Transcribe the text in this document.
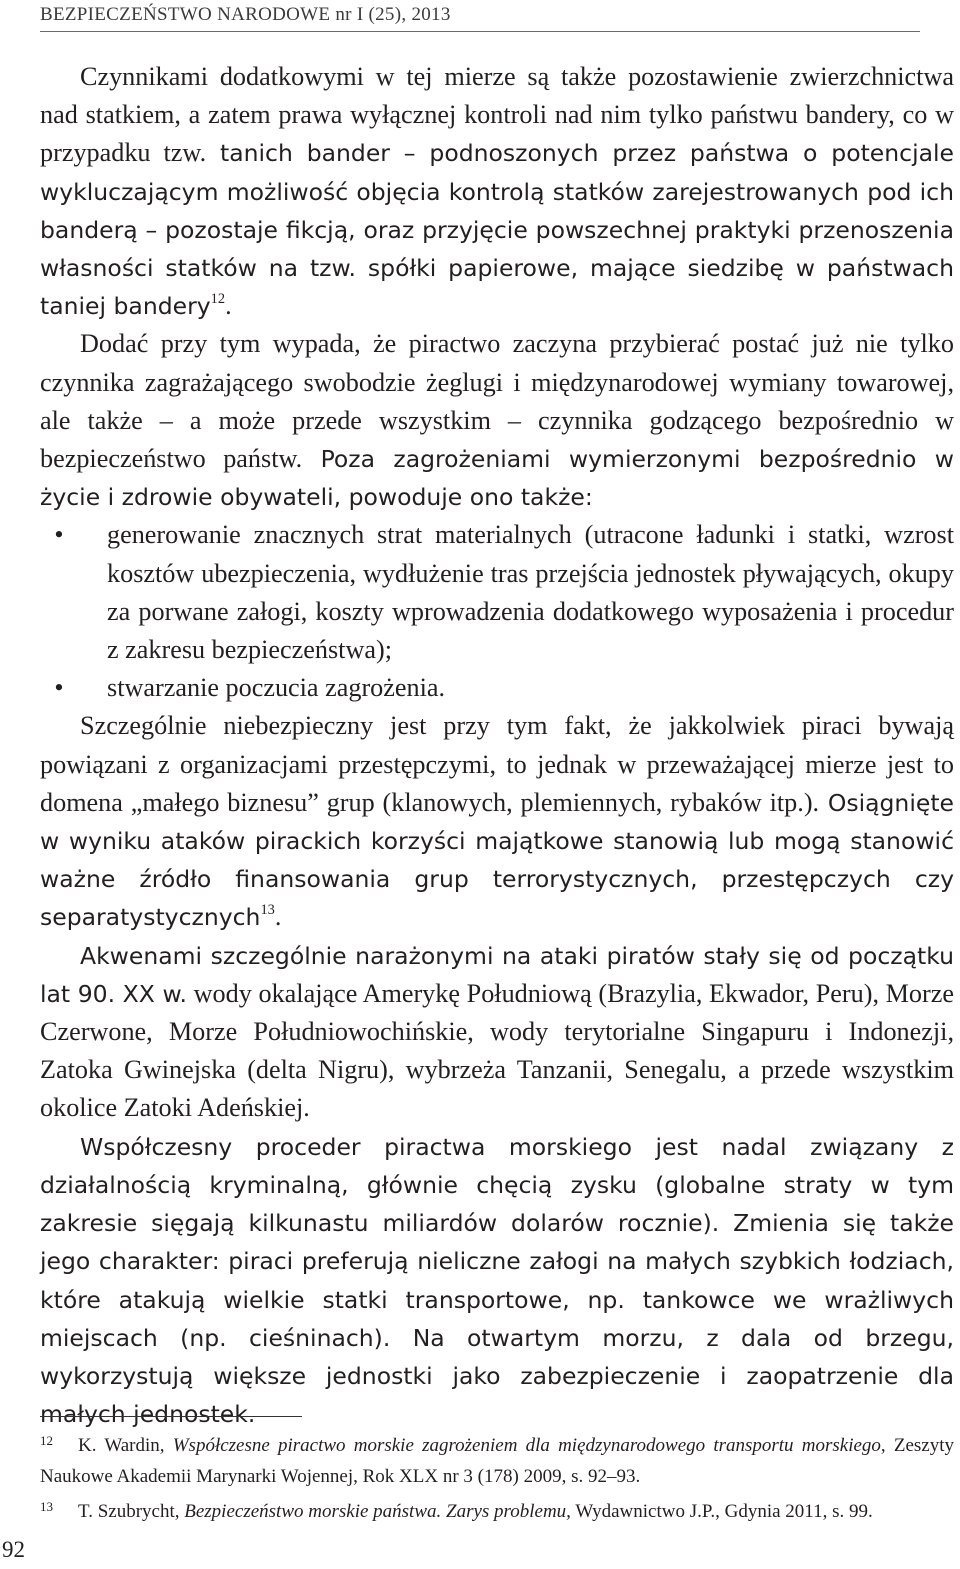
BEZPIECZEŃSTWO NARODOWE nr I (25), 2013

Czynnikami dodatkowymi w tej mierze są także pozostawienie zwierzchnictwa nad statkiem, a zatem prawa wyłącznej kontroli nad nim tylko państwu bandery, co w przypadku tzw. tanich bander – podnoszonych przez państwa o potencjale wykluczającym możliwość objęcia kontrolą statków zarejestrowanych pod ich banderą – pozostaje fikcją, oraz przyjęcie powszechnej praktyki przenoszenia własności statków na tzw. spółki papierowe, mające siedzibę w państwach taniej bandery$^{12}$.

Dodać przy tym wypada, że piractwo zaczyna przybierać postać już nie tylko czynnika zagrażającego swobodzie żeglugi i międzynarodowej wymiany towarowej, ale także – a może przede wszystkim – czynnika godzącego bezpośrednio w bezpieczeństwo państw. Poza zagrożeniami wymierzonymi bezpośrednio w życie i zdrowie obywateli, powoduje ono także:

•	generowanie znacznych strat materialnych (utracone ładunki i statki, wzrost kosztów ubezpieczenia, wydłużenie tras przejścia jednostek pływających, okupy za porwane załogi, koszty wprowadzenia dodatkowego wyposażenia i procedur z zakresu bezpieczeństwa);
•	stwarzanie poczucia zagrożenia.

Szczególnie niebezpieczny jest przy tym fakt, że jakkolwiek piraci bywają powiązani z organizacjami przestępczymi, to jednak w przeważającej mierze jest to domena „małego biznesu” grup (klanowych, plemiennych, rybaków itp.). Osiągnięte w wyniku ataków pirackich korzyści majątkowe stanowią lub mogą stanowić ważne źródło finansowania grup terrorystycznych, przestępczych czy separatystycznych$^{13}$.

Akwenami szczególnie narażonymi na ataki piratów stały się od początku lat 90. XX w. wody okalające Amerykę Południową (Brazylia, Ekwador, Peru), Morze Czerwone, Morze Południowochińskie, wody terytorialne Singapuru i Indonezji, Zatoka Gwinejska (delta Nigru), wybrzeża Tanzanii, Senegalu, a przede wszystkim okolice Zatoki Adeńskiej.

Współczesny proceder piractwa morskiego jest nadal związany z działalnością kryminalną, głównie chęcią zysku (globalne straty w tym zakresie sięgają kilkunastu miliardów dolarów rocznie). Zmienia się także jego charakter: piraci preferują nieliczne załogi na małych szybkich łodziach, które atakują wielkie statki transportowe, np. tankowce we wrażliwych miejscach (np. cieśninach). Na otwartym morzu, z dala od brzegu, wykorzystują większe jednostki jako zabezpieczenie i zaopatrzenie dla małych jednostek.

12 K. Wardin, Współczesne piractwo morskie zagrożeniem dla międzynarodowego transportu morskiego, Zeszyty Naukowe Akademii Marynarki Wojennej, Rok XLX nr 3 (178) 2009, s. 92–93.

13 T. Szubrycht, Bezpieczeństwo morskie państwa. Zarys problemu, Wydawnictwo J.P., Gdynia 2011, s. 99.

92
